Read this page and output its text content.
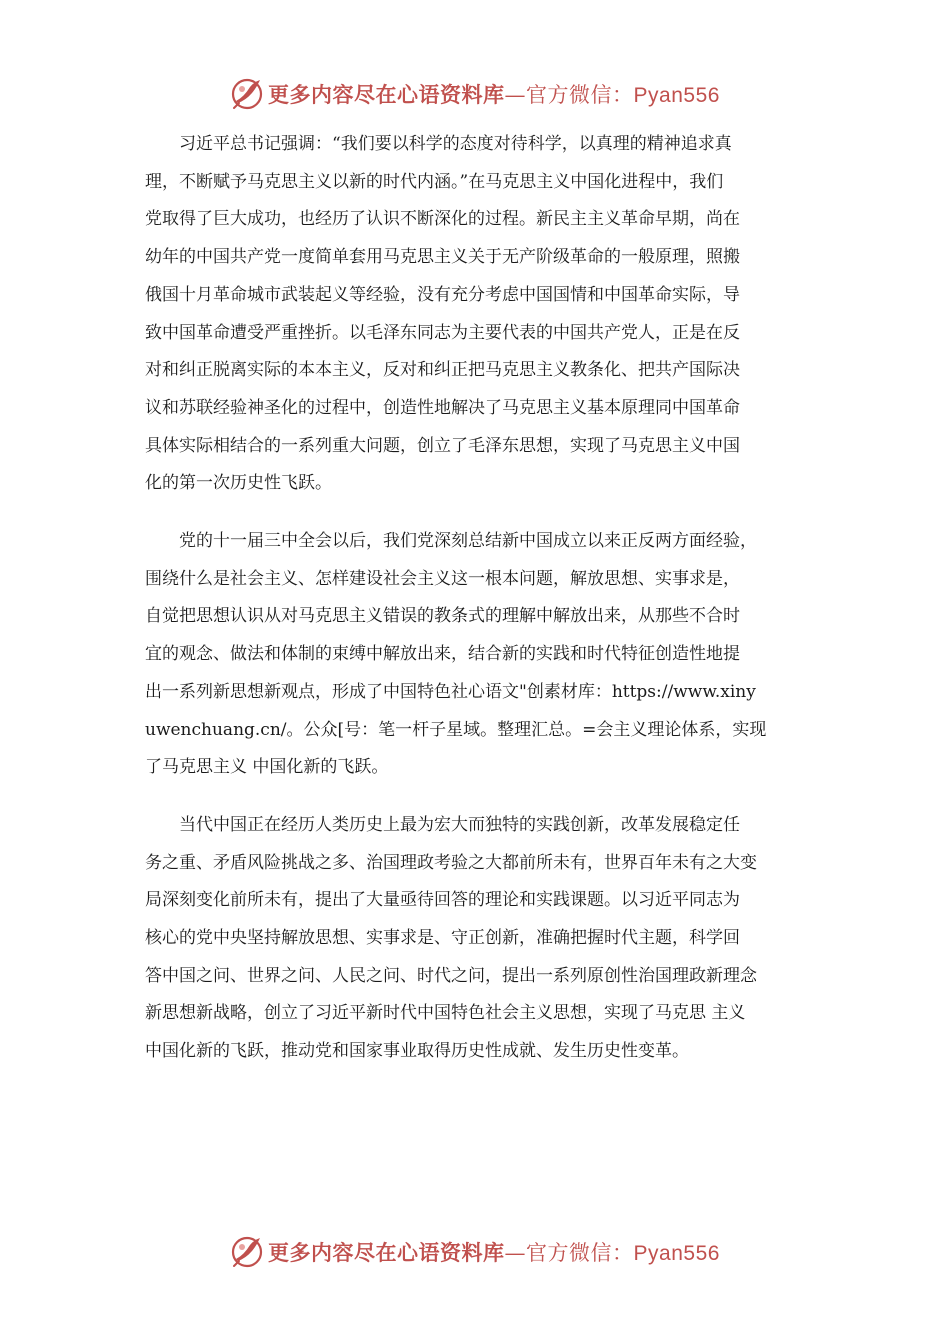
更多内容尽在心语资料库—官方微信：Pyan556
习近平总书记强调：“我们要以科学的态度对待科学，以真理的精神追求真
理，不断赋予马克思主义以新的时代内涵。”在马克思主义中国化进程中，我们
党取得了巨大成功，也经历了认识不断深化的过程。新民主主义革命早期，尚在
幼年的中国共产党一度简单套用马克思主义关于无产阶级革命的一般原理，照搬
俄国十月革命城市武装起义等经验，没有充分考虑中国国情和中国革命实际，导
致中国革命遭受严重挫折。以毛泽东同志为主要代表的中国共产党人，正是在反
对和纠正脱离实际的本本主义，反对和纠正把马克思主义教条化、把共产国际决
议和苏联经验神圣化的过程中，创造性地解决了马克思主义基本原理同中国革命
具体实际相结合的一系列重大问题，创立了毛泽东思想，实现了马克思主义中国
化的第一次历史性飞跃。
党的十一届三中全会以后，我们党深刻总结新中国成立以来正反两方面经验，
围绕什么是社会主义、怎样建设社会主义这一根本问题，解放思想、实事求是，
自觉把思想认识从对马克思主义错误的教条式的理解中解放出来，从那些不合时
宜的观念、做法和体制的束缚中解放出来，结合新的实践和时代特征创造性地提
出一系列新思想新观点，形成了中国特色社心语文"创素材库：https://www.xiny
uwenchuang.cn/。公众[号：笔一杆子星域。整理汇总。=会主义理论体系，实现
了马克思主义 中国化新的飞跃。
当代中国正在经历人类历史上最为宏大而独特的实践创新，改革发展稳定任
务之重、矛盾风险挑战之多、治国理政考验之大都前所未有，世界百年未有之大变
局深刻变化前所未有，提出了大量亟待回答的理论和实践课题。以习近平同志为
核心的党中央坚持解放思想、实事求是、守正创新，准确把握时代主题，科学回
答中国之问、世界之问、人民之问、时代之问，提出一系列原创性治国理政新理念
新思想新战略，创立了习近平新时代中国特色社会主义思想，实现了马克思 主义
中国化新的飞跃，推动党和国家事业取得历史性成就、发生历史性变革。
更多内容尽在心语资料库—官方微信：Pyan556
